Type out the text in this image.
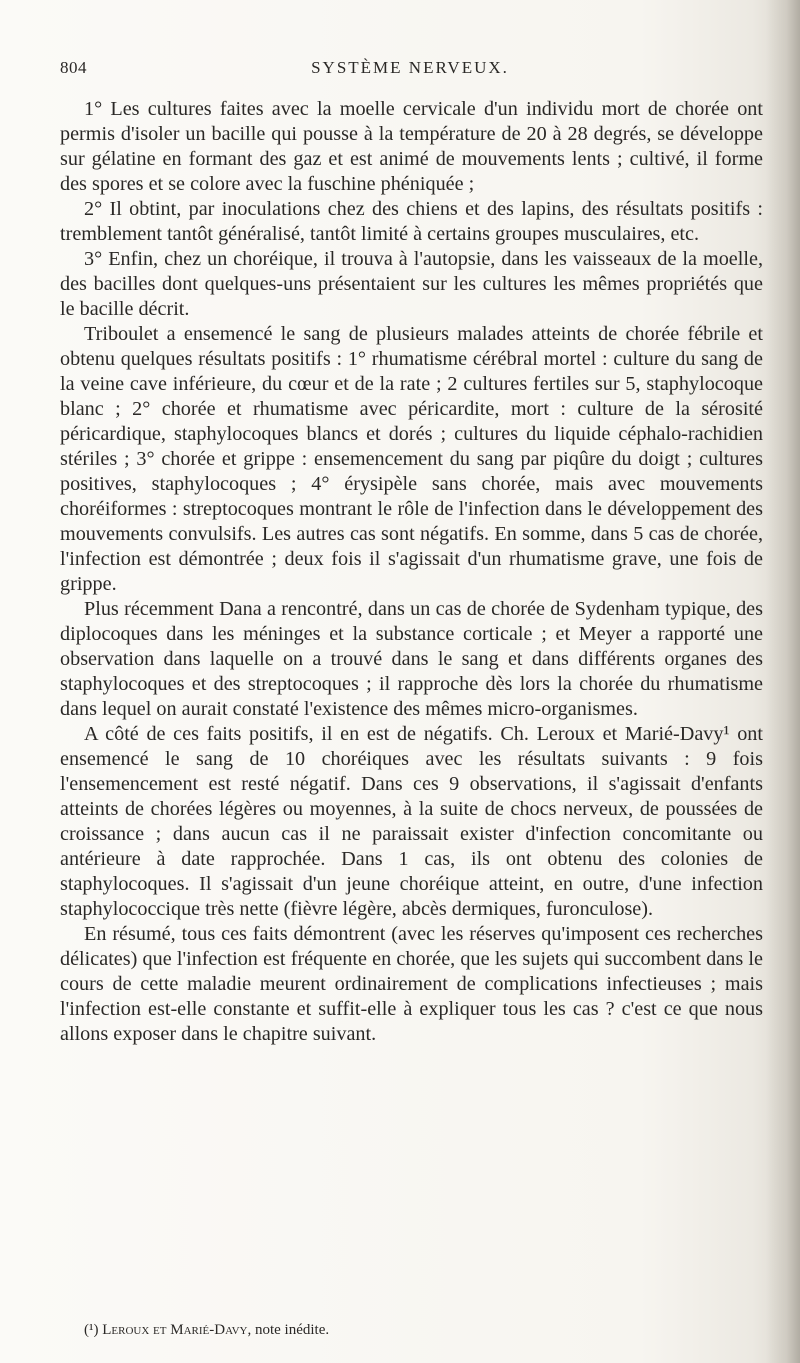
804	SYSTÈME NERVEUX.

1° Les cultures faites avec la moelle cervicale d'un individu mort de chorée ont permis d'isoler un bacille qui pousse à la température de 20 à 28 degrés, se développe sur gélatine en formant des gaz et est animé de mouvements lents ; cultivé, il forme des spores et se colore avec la fuschine phéniquée ;

2° Il obtint, par inoculations chez des chiens et des lapins, des résultats positifs : tremblement tantôt généralisé, tantôt limité à certains groupes musculaires, etc.

3° Enfin, chez un choréique, il trouva à l'autopsie, dans les vaisseaux de la moelle, des bacilles dont quelques-uns présentaient sur les cultures les mêmes propriétés que le bacille décrit.

Triboulet a ensemencé le sang de plusieurs malades atteints de chorée fébrile et obtenu quelques résultats positifs : 1° rhumatisme cérébral mortel : culture du sang de la veine cave inférieure, du cœur et de la rate ; 2 cultures fertiles sur 5, staphylocoque blanc ; 2° chorée et rhumatisme avec péricardite, mort : culture de la sérosité péricardique, staphylocoques blancs et dorés ; cultures du liquide céphalo-rachidien stériles ; 3° chorée et grippe : ensemencement du sang par piqûre du doigt ; cultures positives, staphylocoques ; 4° érysipèle sans chorée, mais avec mouvements choréiformes : streptocoques montrant le rôle de l'infection dans le développement des mouvements convulsifs. Les autres cas sont négatifs. En somme, dans 5 cas de chorée, l'infection est démontrée ; deux fois il s'agissait d'un rhumatisme grave, une fois de grippe.

Plus récemment Dana a rencontré, dans un cas de chorée de Sydenham typique, des diplocoques dans les méninges et la substance corticale ; et Meyer a rapporté une observation dans laquelle on a trouvé dans le sang et dans différents organes des staphylocoques et des streptocoques ; il rapproche dès lors la chorée du rhumatisme dans lequel on aurait constaté l'existence des mêmes micro-organismes.

A côté de ces faits positifs, il en est de négatifs. Ch. Leroux et Marié-Davy¹ ont ensemencé le sang de 10 choréiques avec les résultats suivants : 9 fois l'ensemencement est resté négatif. Dans ces 9 observations, il s'agissait d'enfants atteints de chorées légères ou moyennes, à la suite de chocs nerveux, de poussées de croissance ; dans aucun cas il ne paraissait exister d'infection concomitante ou antérieure à date rapprochée. Dans 1 cas, ils ont obtenu des colonies de staphylocoques. Il s'agissait d'un jeune choréique atteint, en outre, d'une infection staphylococcique très nette (fièvre légère, abcès dermiques, furonculose).

En résumé, tous ces faits démontrent (avec les réserves qu'imposent ces recherches délicates) que l'infection est fréquente en chorée, que les sujets qui succombent dans le cours de cette maladie meurent ordinairement de complications infectieuses ; mais l'infection est-elle constante et suffit-elle à expliquer tous les cas ? c'est ce que nous allons exposer dans le chapitre suivant.

(¹) Leroux et Marié-Davy, note inédite.
